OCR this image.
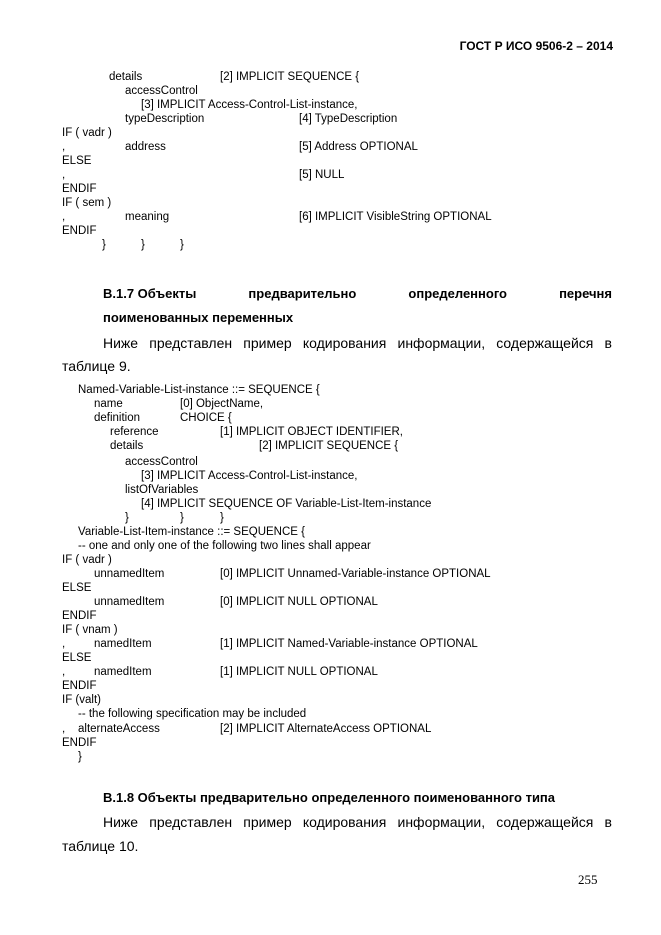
ГОСТ Р ИСО 9506-2 – 2014
details	[2] IMPLICIT SEQUENCE {
accessControl
[3] IMPLICIT Access-Control-List-instance,
typeDescription	[4] TypeDescription
IF ( vadr )
,	address	[5] Address OPTIONAL
ELSE
,	[5] NULL
ENDIF
IF ( sem )
,	meaning	[6] IMPLICIT VisibleString OPTIONAL
ENDIF
}	}	}
B.1.7 Объекты	предварительно	определенного	перечня
поименованных переменных
Ниже представлен пример кодирования информации, содержащейся в
таблице 9.
Named-Variable-List-instance ::= SEQUENCE {
name	[0] ObjectName,
definition	CHOICE {
reference	[1] IMPLICIT OBJECT IDENTIFIER,
details	[2] IMPLICIT SEQUENCE {
accessControl
[3] IMPLICIT Access-Control-List-instance,
listOfVariables
[4] IMPLICIT SEQUENCE OF Variable-List-Item-instance
}	}	}
Variable-List-Item-instance ::= SEQUENCE {
-- one and only one of the following two lines shall appear
IF ( vadr )
unnamedItem	[0] IMPLICIT Unnamed-Variable-instance OPTIONAL
ELSE
unnamedItem	[0] IMPLICIT NULL OPTIONAL
ENDIF
IF ( vnam )
,	namedItem	[1] IMPLICIT Named-Variable-instance OPTIONAL
ELSE
,	namedItem	[1] IMPLICIT NULL OPTIONAL
ENDIF
IF (valt)
-- the following specification may be included
, alternateAccess	[2] IMPLICIT AlternateAccess OPTIONAL
ENDIF
}
B.1.8 Объекты предварительно определенного поименованного типа
Ниже представлен пример кодирования информации, содержащейся в
таблице 10.
255
